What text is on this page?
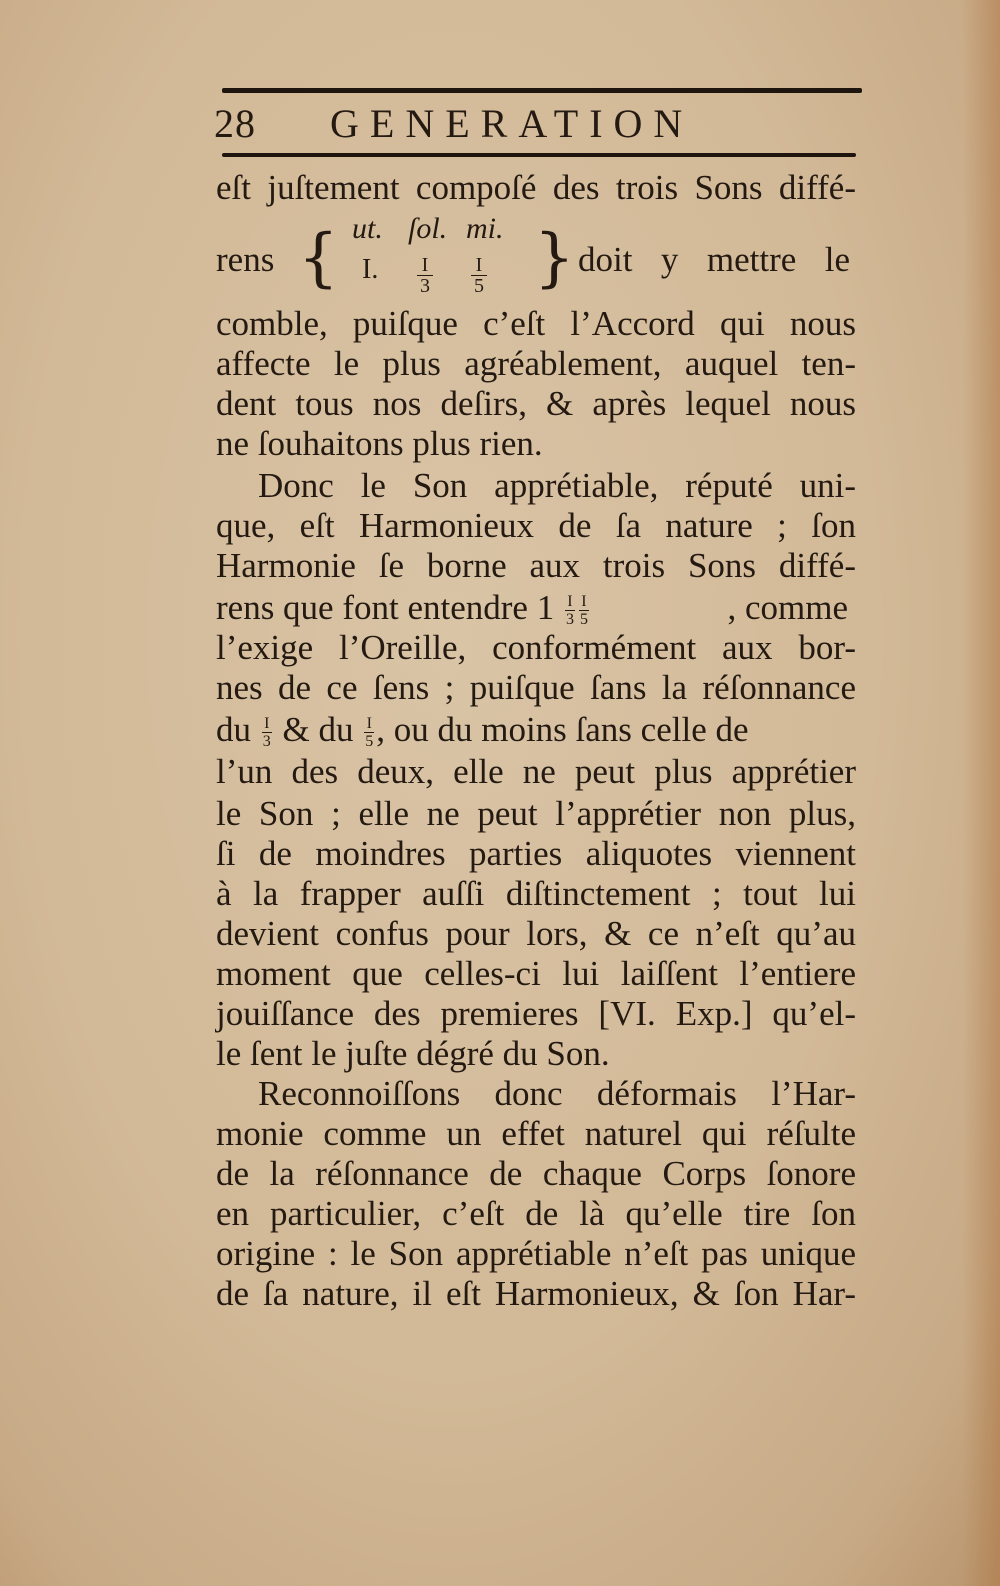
28 GENERATION
eſt juſtement compoſé des trois Sons diffé-
rens { ut. ſol. mi.
I.	I
3
I
5 } doit y mettre le
comble, puiſque c’eſt l’Accord qui nous
affecte le plus agréablement, auquel ten-
dent tous nos deſirs, & après lequel nous
ne ſouhaitons plus rien.
Donc le Son apprétiable, réputé uni-
que, eſt Harmonieux de ſa nature ; ſon
Harmonie ſe borne aux trois Sons diffé-
rens que font entendre $1 \frac{I}{3}\frac{I}{5}$	, comme
l’exige l’Oreille, conformément aux bor-
nes de ce ſens ; puiſque ſans la réſonnance
du $\frac{I}{3}$ & du $\frac{I}{5}$, ou du moins ſans celle de
l’un des deux, elle ne peut plus apprétier
le Son ; elle ne peut l’apprétier non plus,
ſi de moindres parties aliquotes viennent
à la frapper auſſi diſtinctement ; tout lui
devient confus pour lors, & ce n’eſt qu’au
moment que celles-ci lui laiſſent l’entiere
jouiſſance des premieres [VI. Exp.] qu’el-
le ſent le juſte dégré du Son.
Reconnoiſſons donc déformais l’Har-
monie comme un effet naturel qui réſulte
de la réſonnance de chaque Corps ſonore
en particulier, c’eſt de là qu’elle tire ſon
origine : le Son apprétiable n’eſt pas unique
de ſa nature, il eſt Harmonieux, & ſon Har-
